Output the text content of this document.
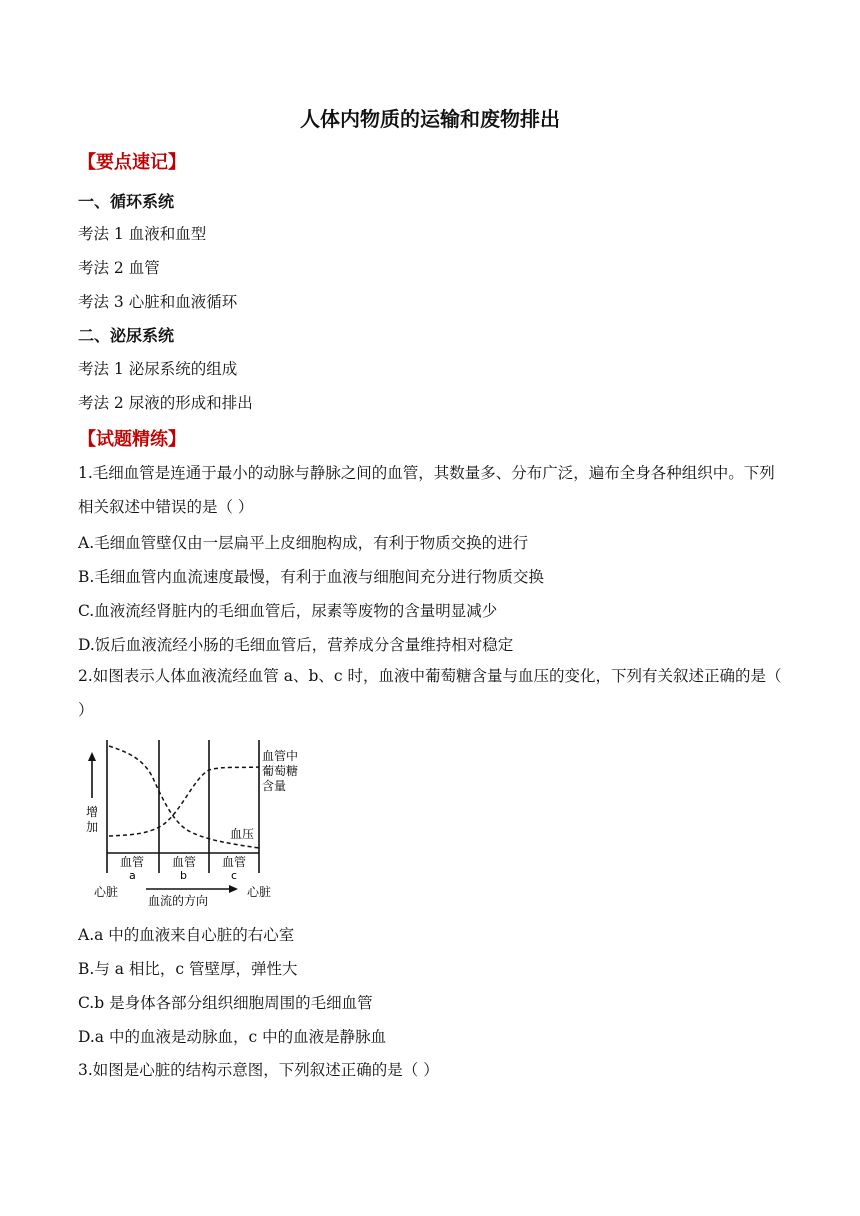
人体内物质的运输和废物排出
【要点速记】
一、循环系统
考法 1 血液和血型
考法 2 血管
考法 3 心脏和血液循环
二、泌尿系统
考法 1 泌尿系统的组成
考法 2 尿液的形成和排出
【试题精练】
1.毛细血管是连通于最小的动脉与静脉之间的血管，其数量多、分布广泛，遍布全身各种组织中。下列相关叙述中错误的是（ ）
A.毛细血管壁仅由一层扁平上皮细胞构成，有利于物质交换的进行
B.毛细血管内血流速度最慢，有利于血液与细胞间充分进行物质交换
C.血液流经肾脏内的毛细血管后，尿素等废物的含量明显减少
D.饭后血液流经小肠的毛细血管后，营养成分含量维持相对稳定
2.如图表示人体血液流经血管 a、b、c 时，血液中葡萄糖含量与血压的变化，下列有关叙述正确的是（ ）
增
加
血管中
葡萄糖
含量
血压
血管
a
血管
b
血管
c
心脏	心脏
血流的方向
A.a 中的血液来自心脏的右心室
B.与 a 相比，c 管壁厚，弹性大
C.b 是身体各部分组织细胞周围的毛细血管
D.a 中的血液是动脉血，c 中的血液是静脉血
3.如图是心脏的结构示意图，下列叙述正确的是（ ）
